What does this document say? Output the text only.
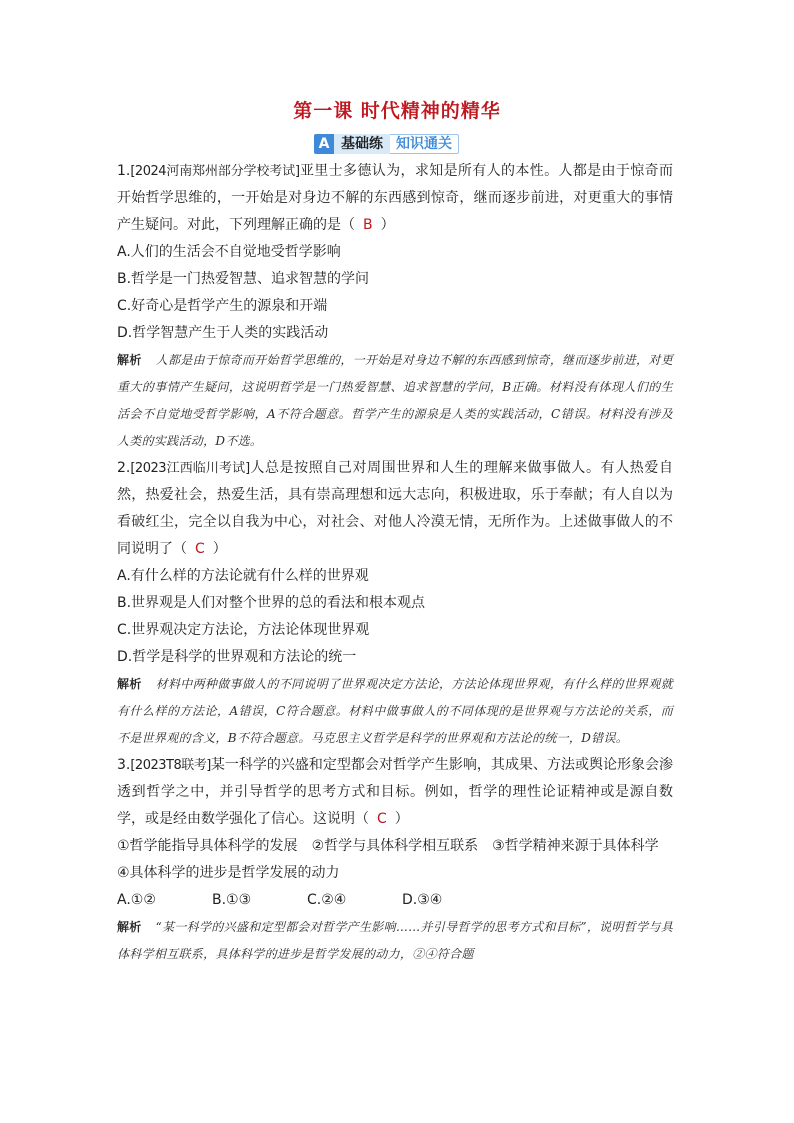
第一课 时代精神的精华
A 基础练 知识通关
1.[2024河南郑州部分学校考试]亚里士多德认为，求知是所有人的本性。人都是由于惊奇而开始哲学思维的，一开始是对身边不解的东西感到惊奇，继而逐步前进，对更重大的事情产生疑问。对此，下列理解正确的是（ B ）
A.人们的生活会不自觉地受哲学影响
B.哲学是一门热爱智慧、追求智慧的学问
C.好奇心是哲学产生的源泉和开端
D.哲学智慧产生于人类的实践活动
解析 人都是由于惊奇而开始哲学思维的，一开始是对身边不解的东西感到惊奇，继而逐步前进，对更重大的事情产生疑问，这说明哲学是一门热爱智慧、追求智慧的学问，B正确。材料没有体现人们的生活会不自觉地受哲学影响，A不符合题意。哲学产生的源泉是人类的实践活动，C错误。材料没有涉及人类的实践活动，D不选。
2.[2023江西临川考试]人总是按照自己对周围世界和人生的理解来做事做人。有人热爱自然，热爱社会，热爱生活，具有崇高理想和远大志向，积极进取，乐于奉献；有人自以为看破红尘，完全以自我为中心，对社会、对他人冷漠无情，无所作为。上述做事做人的不同说明了（ C ）
A.有什么样的方法论就有什么样的世界观
B.世界观是人们对整个世界的总的看法和根本观点
C.世界观决定方法论，方法论体现世界观
D.哲学是科学的世界观和方法论的统一
解析 材料中两种做事做人的不同说明了世界观决定方法论，方法论体现世界观，有什么样的世界观就有什么样的方法论，A错误，C符合题意。材料中做事做人的不同体现的是世界观与方法论的关系，而不是世界观的含义，B不符合题意。马克思主义哲学是科学的世界观和方法论的统一，D错误。
3.[2023T8联考]某一科学的兴盛和定型都会对哲学产生影响，其成果、方法或舆论形象会渗透到哲学之中，并引导哲学的思考方式和目标。例如，哲学的理性论证精神或是源自数学，或是经由数学强化了信心。这说明（ C ）
①哲学能指导具体科学的发展 ②哲学与具体科学相互联系 ③哲学精神来源于具体科学
④具体科学的进步是哲学发展的动力
A.①②	B.①③	C.②④	D.③④
解析 “某一科学的兴盛和定型都会对哲学产生影响……并引导哲学的思考方式和目标”，说明哲学与具体科学相互联系，具体科学的进步是哲学发展的动力，②④符合题
